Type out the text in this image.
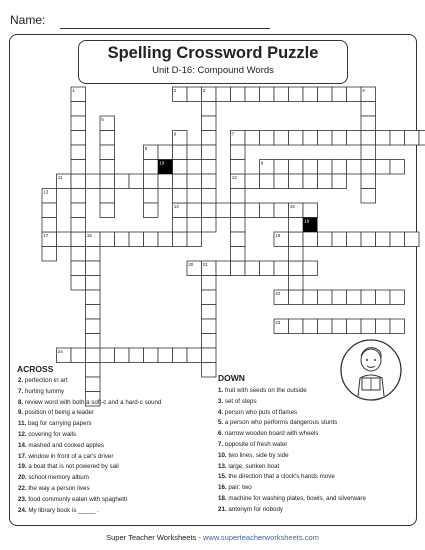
Name:
Spelling Crossword Puzzle
Unit D-16: Compound Words
1	2	3	4
5
6	7
8
9
10
11	12
13
14	15
16
17	18	19
20 21
22
23
24
ACROSS
2. perfection in art
7. hurting tummy
8. review word with both a soft-c and a hard-c sound
9. position of being a leader
11. bag for carrying papers
12. covering for walls
14. mashed and cooked apples
17. window in front of a car's driver
19. a boat that is not powered by sail
20. school memory album
22. the way a person lives
23. food commonly eaten with spaghetti
24. My library book is _____ .
DOWN
1. fruit with seeds on the outside
3. set of steps
4. person who puts of flames
5. a person who performs dangerous stunts
6. narrow wooden board with wheels
7. opposite of fresh water
10. two lines, side by side
13. large, sunken boat
15. the direction that a clock's hands move
16. pair: two
18. machine for washing plates, bowls, and silverware
21. antonym for nobody
Super Teacher Worksheets - www.superteacherworksheets.com
